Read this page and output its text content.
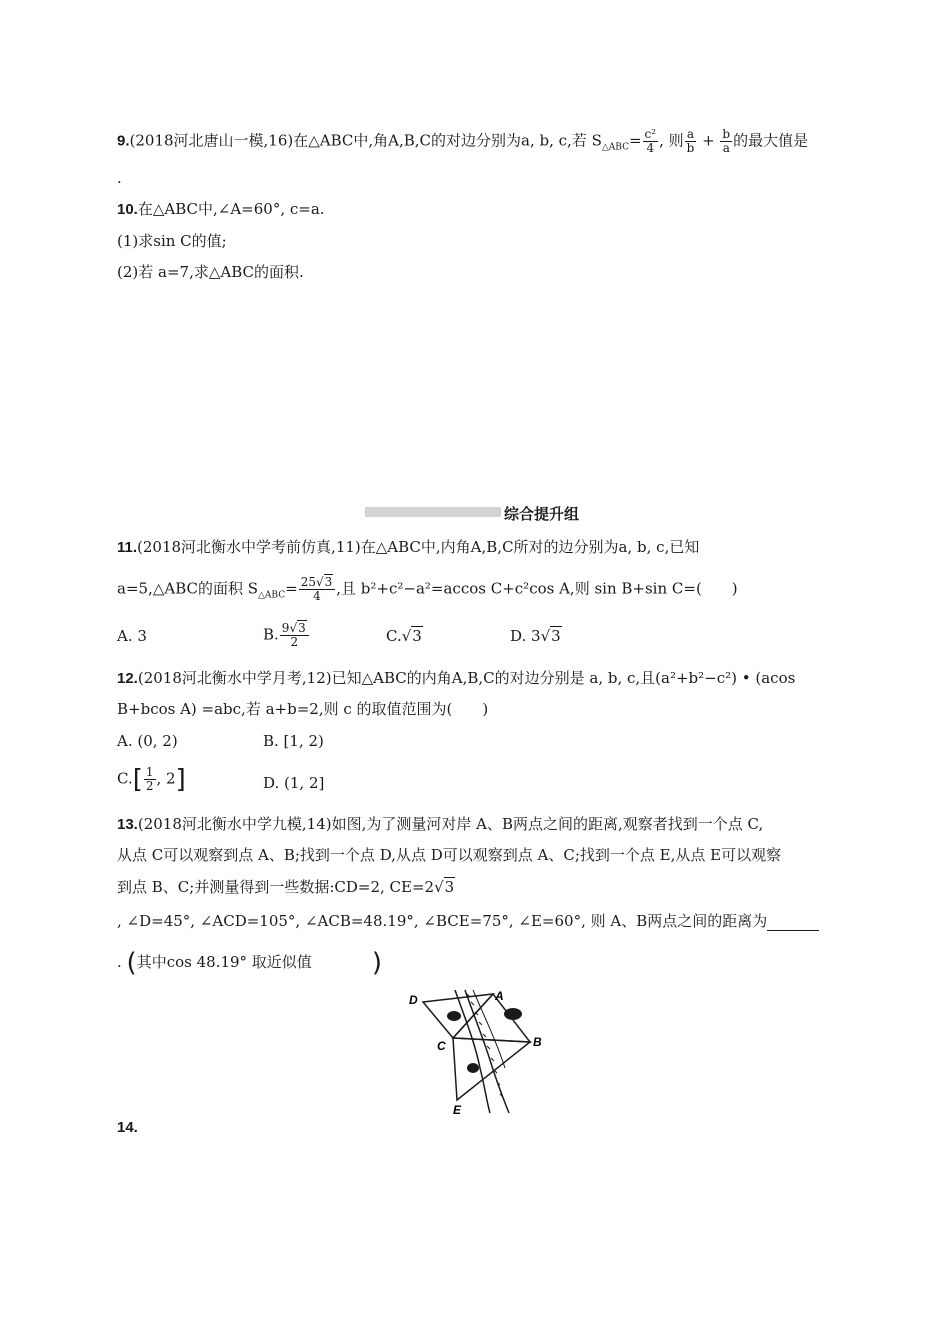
9.(2018河北唐山一模,16)在△ABC中,角A,B,C的对边分别为a, b, c,若 $S_{\triangle ABC}= \frac{\text{c²}}{4}$ , 则 $\frac{a}{b} + \frac{b}{a}$ 的最大值是
.
10.在△ABC中,∠A=60°, c=a.
(1)求sin C的值;
(2)若 a=7,求△ABC的面积.
综合提升组
11.(2018河北衡水中学考前仿真,11)在△ABC中,内角A,B,C所对的边分别为a, b, c,已知
a=5,△ABC的面积 $S_{\triangle ABC}= \frac{25√3}{4}$ ,且 b²+c²−a²=accos C+c²cos A,则 sin B+sin C=(　　)
A. 3	B. $\frac{9√3}{2}$	C.√3	D. 3√3
12.(2018河北衡水中学月考,12)已知△ABC的内角A,B,C的对边分别是 a, b, c,且(a²+b²−c²) • (acos
B+bcos A) =abc,若 a+b=2,则 c 的取值范围为(　　)
A. (0, 2)	B. [1, 2)
$C.[ \frac{1}{2}$ , 2]	D. (1, 2]
13.(2018河北衡水中学九模,14)如图,为了测量河对岸 A、B两点之间的距离,观察者找到一个点 C,
从点 C可以观察到点 A、B;找到一个点 D,从点 D可以观察到点 A、C;找到一个点 E,从点 E可以观察
到点 B、C;并测量得到一些数据:CD=2, CE=2√3
, ∠D=45°, ∠ACD=105°, ∠ACB=48.19°, ∠BCE=75°, ∠E=60°, 则 A、B两点之间的距离为
. (其中cos 48.19° 取近似值 )
D	A
C	B
E
14.
